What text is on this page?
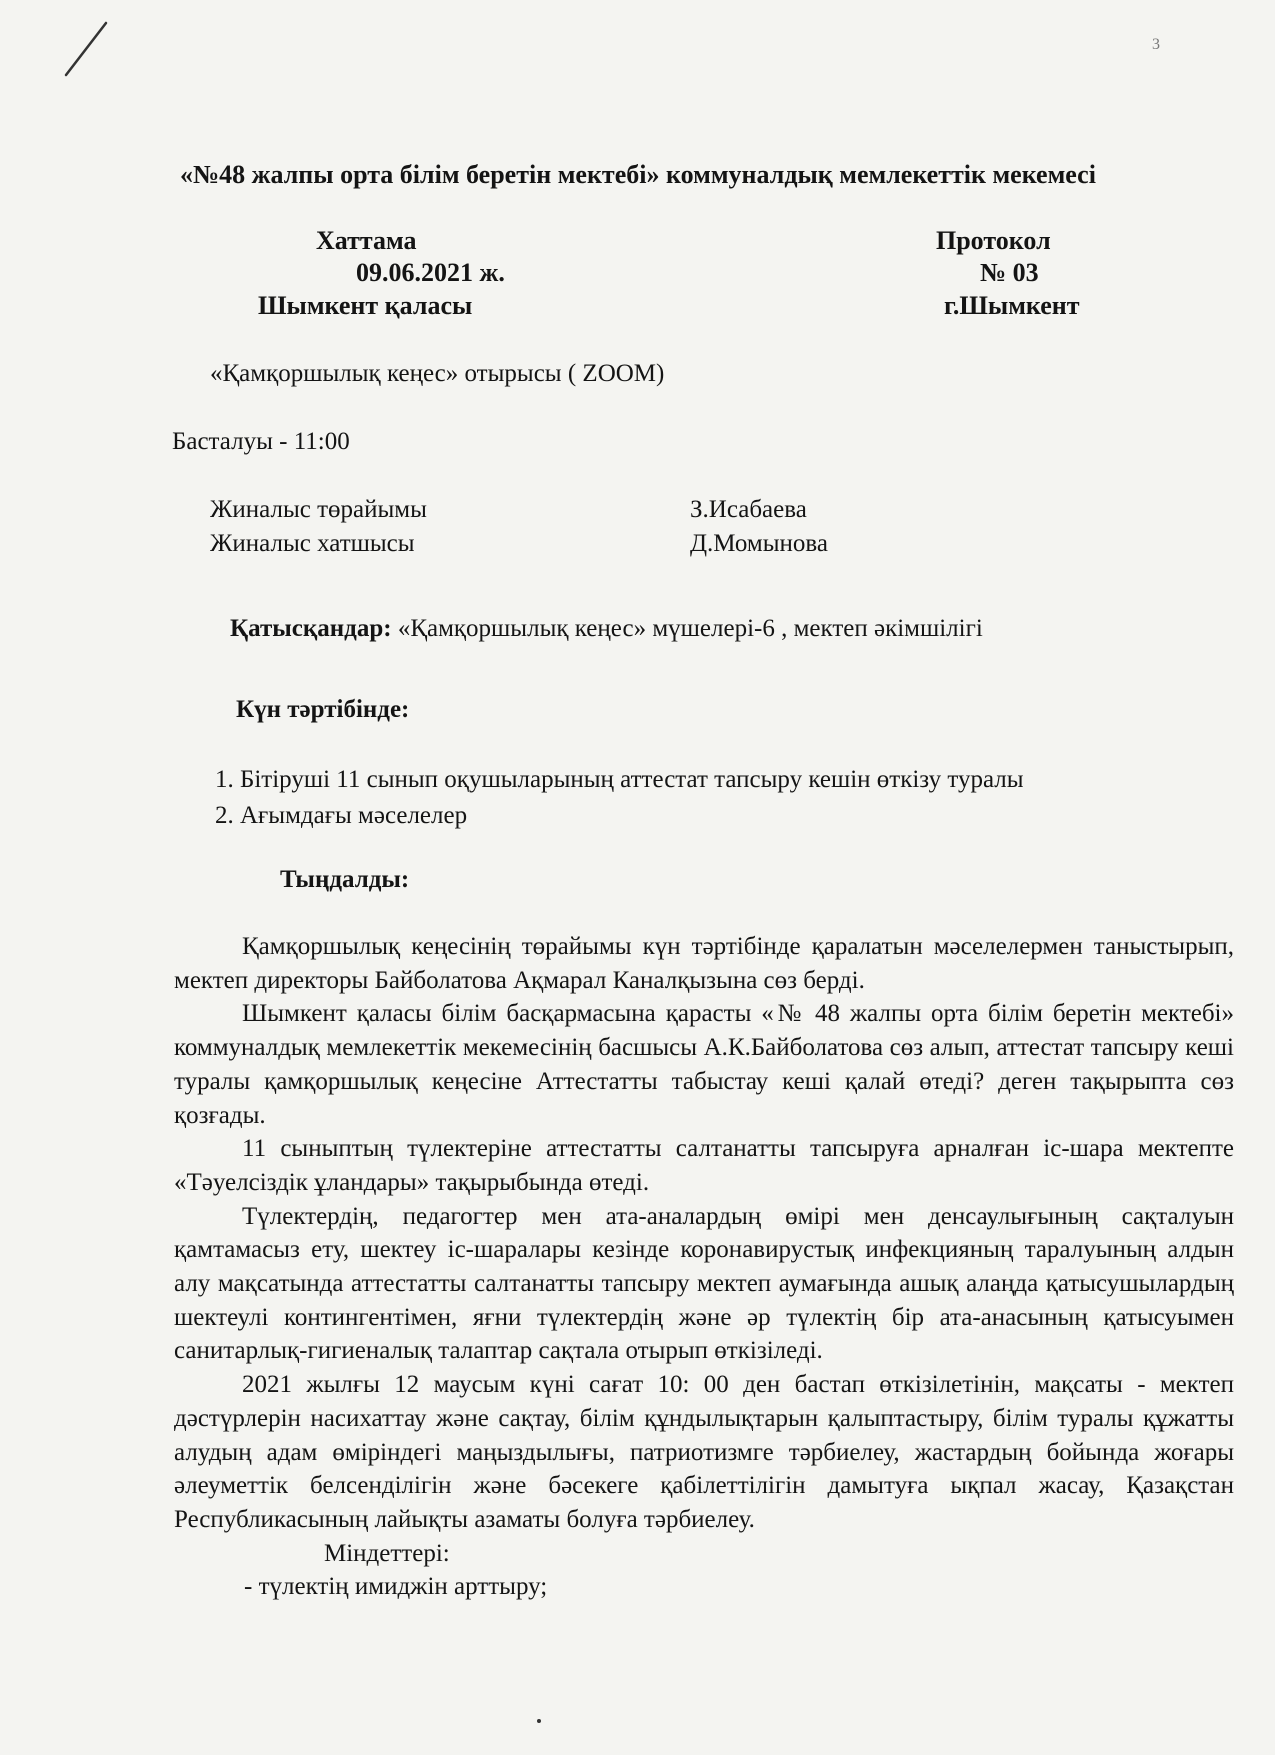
3
«№48 жалпы орта білім беретін мектебі» коммуналдық мемлекеттік мекемесі
Хаттама
09.06.2021 ж.
Шымкент қаласы
Протокол
№ 03
г.Шымкент
«Қамқоршылық кеңес» отырысы ( ZOOM)
Басталуы - 11:00
Жиналыс төрайымы	З.Исабаева
Жиналыс хатшысы	Д.Момынова
Қатысқандар: «Қамқоршылық кеңес» мүшелері-6 , мектеп әкімшілігі
Күн тәртібінде:
1. Бітіруші 11 сынып оқушыларының аттестат тапсыру кешін өткізу туралы
2. Ағымдағы мәселелер
Тыңдалды:

Қамқоршылық кеңесінің төрайымы күн тәртібінде қаралатын мәселелермен таныстырып, мектеп директоры Байболатова Ақмарал Каналқызына сөз берді.

Шымкент қаласы білім басқармасына қарасты «№ 48 жалпы орта білім беретін мектебі» коммуналдық мемлекеттік мекемесінің басшысы А.К.Байболатова сөз алып, аттестат тапсыру кеші туралы қамқоршылық кеңесіне Аттестатты табыстау кеші қалай өтеді? деген тақырыпта сөз қозғады.

11 сыныптың түлектеріне аттестатты салтанатты тапсыруға арналған іс-шара мектепте «Тәуелсіздік ұландары» тақырыбында өтеді.

Түлектердің, педагогтер мен ата-аналардың өмірі мен денсаулығының сақталуын қамтамасыз ету, шектеу іс-шаралары кезінде коронавирустық инфекцияның таралуының алдын алу мақсатында аттестатты салтанатты тапсыру мектеп аумағында ашық алаңда қатысушылардың шектеулі контингентімен, яғни түлектердің және әр түлектің бір ата-анасының қатысуымен санитарлық-гигиеналық талаптар сақтала отырып өткізіледі.

2021 жылғы 12 маусым күні сағат 10: 00 ден бастап өткізілетінін, мақсаты - мектеп дәстүрлерін насихаттау және сақтау, білім құндылықтарын қалыптастыру, білім туралы құжатты алудың адам өміріндегі маңыздылығы, патриотизмге тәрбиелеу, жастардың бойында жоғары әлеуметтік белсенділігін және бәсекеге қабілеттілігін дамытуға ықпал жасау, Қазақстан Республикасының лайықты азаматы болуға тәрбиелеу.

Міндеттері:

- түлектің имиджін арттыру;
